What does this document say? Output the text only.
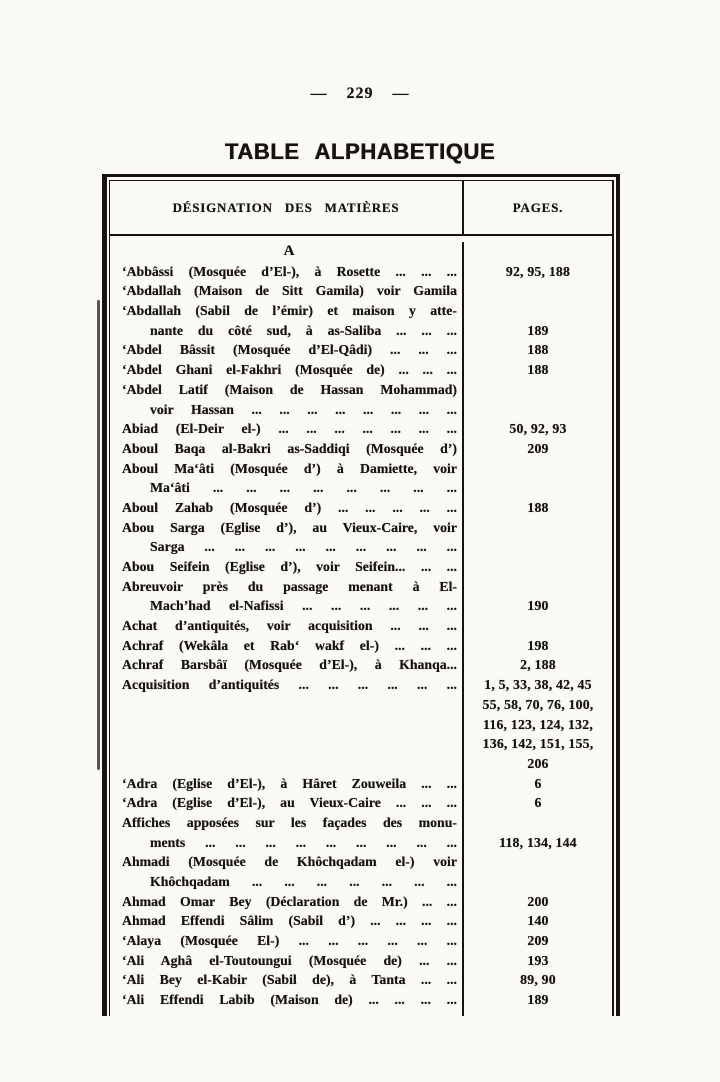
— 229 —
TABLE ALPHABETIQUE
DÉSIGNATION DES MATIÈRES	PAGES.
A
‘Abbâssi (Mosquée d’El-), à Rosette ... ... ...
‘Abdallah (Maison de Sitt Gamila) voir Gamila
‘Abdallah (Sabil de l’émir) et maison y atte-
nante du côté sud, à as-Saliba ... ... ...
‘Abdel Bâssit (Mosquée d’El-Qâdi) ... ... ...
‘Abdel Ghani el-Fakhri (Mosquée de) ... ... ...
‘Abdel Latif (Maison de Hassan Mohammad)
voir Hassan ... ... ... ... ... ... ... ...
Abiad (El-Deir el-) ... ... ... ... ... ... ...
Aboul Baqa al-Bakri as-Saddiqi (Mosquée d’)
Aboul Ma‘âti (Mosquée d’) à Damiette, voir
Ma‘âti ... ... ... ... ... ... ... ...
Aboul Zahab (Mosquée d’) ... ... ... ... ...
Abou Sarga (Eglise d’), au Vieux-Caire, voir
Sarga ... ... ... ... ... ... ... ... ...
Abou Seifein (Eglise d’), voir Seifein... ... ...
Abreuvoir près du passage menant à El-
Mach’had el-Nafissi ... ... ... ... ... ...
Achat d’antiquités, voir acquisition ... ... ...
Achraf (Wekâla et Rab‘ wakf el-) ... ... ...
Achraf Barsbâï (Mosquée d’El-), à Khanqa...
Acquisition d’antiquités ... ... ... ... ... ...

‘Adra (Eglise d’El-), à Hâret Zouweila ... ...
‘Adra (Eglise d’El-), au Vieux-Caire ... ... ...
Affiches apposées sur les façades des monu-
ments ... ... ... ... ... ... ... ... ...
Ahmadi (Mosquée de Khôchqadam el-) voir
Khôchqadam ... ... ... ... ... ... ...
Ahmad Omar Bey (Déclaration de Mr.) ... ...
Ahmad Effendi Sâlim (Sabil d’) ... ... ... ...
‘Alaya (Mosquée El-) ... ... ... ... ... ...
‘Ali Aghâ el-Toutoungui (Mosquée de) ... ...
‘Ali Bey el-Kabir (Sabil de), à Tanta ... ...
‘Ali Effendi Labib (Maison de) ... ... ... ...

92, 95, 188

189
188
188

50, 92, 93
209

188

190

198
2, 188
1, 5, 33, 38, 42, 45
55, 58, 70, 76, 100,
116, 123, 124, 132,
136, 142, 151, 155,
206
6
6

118, 134, 144

200
140
209
193
89, 90
189
